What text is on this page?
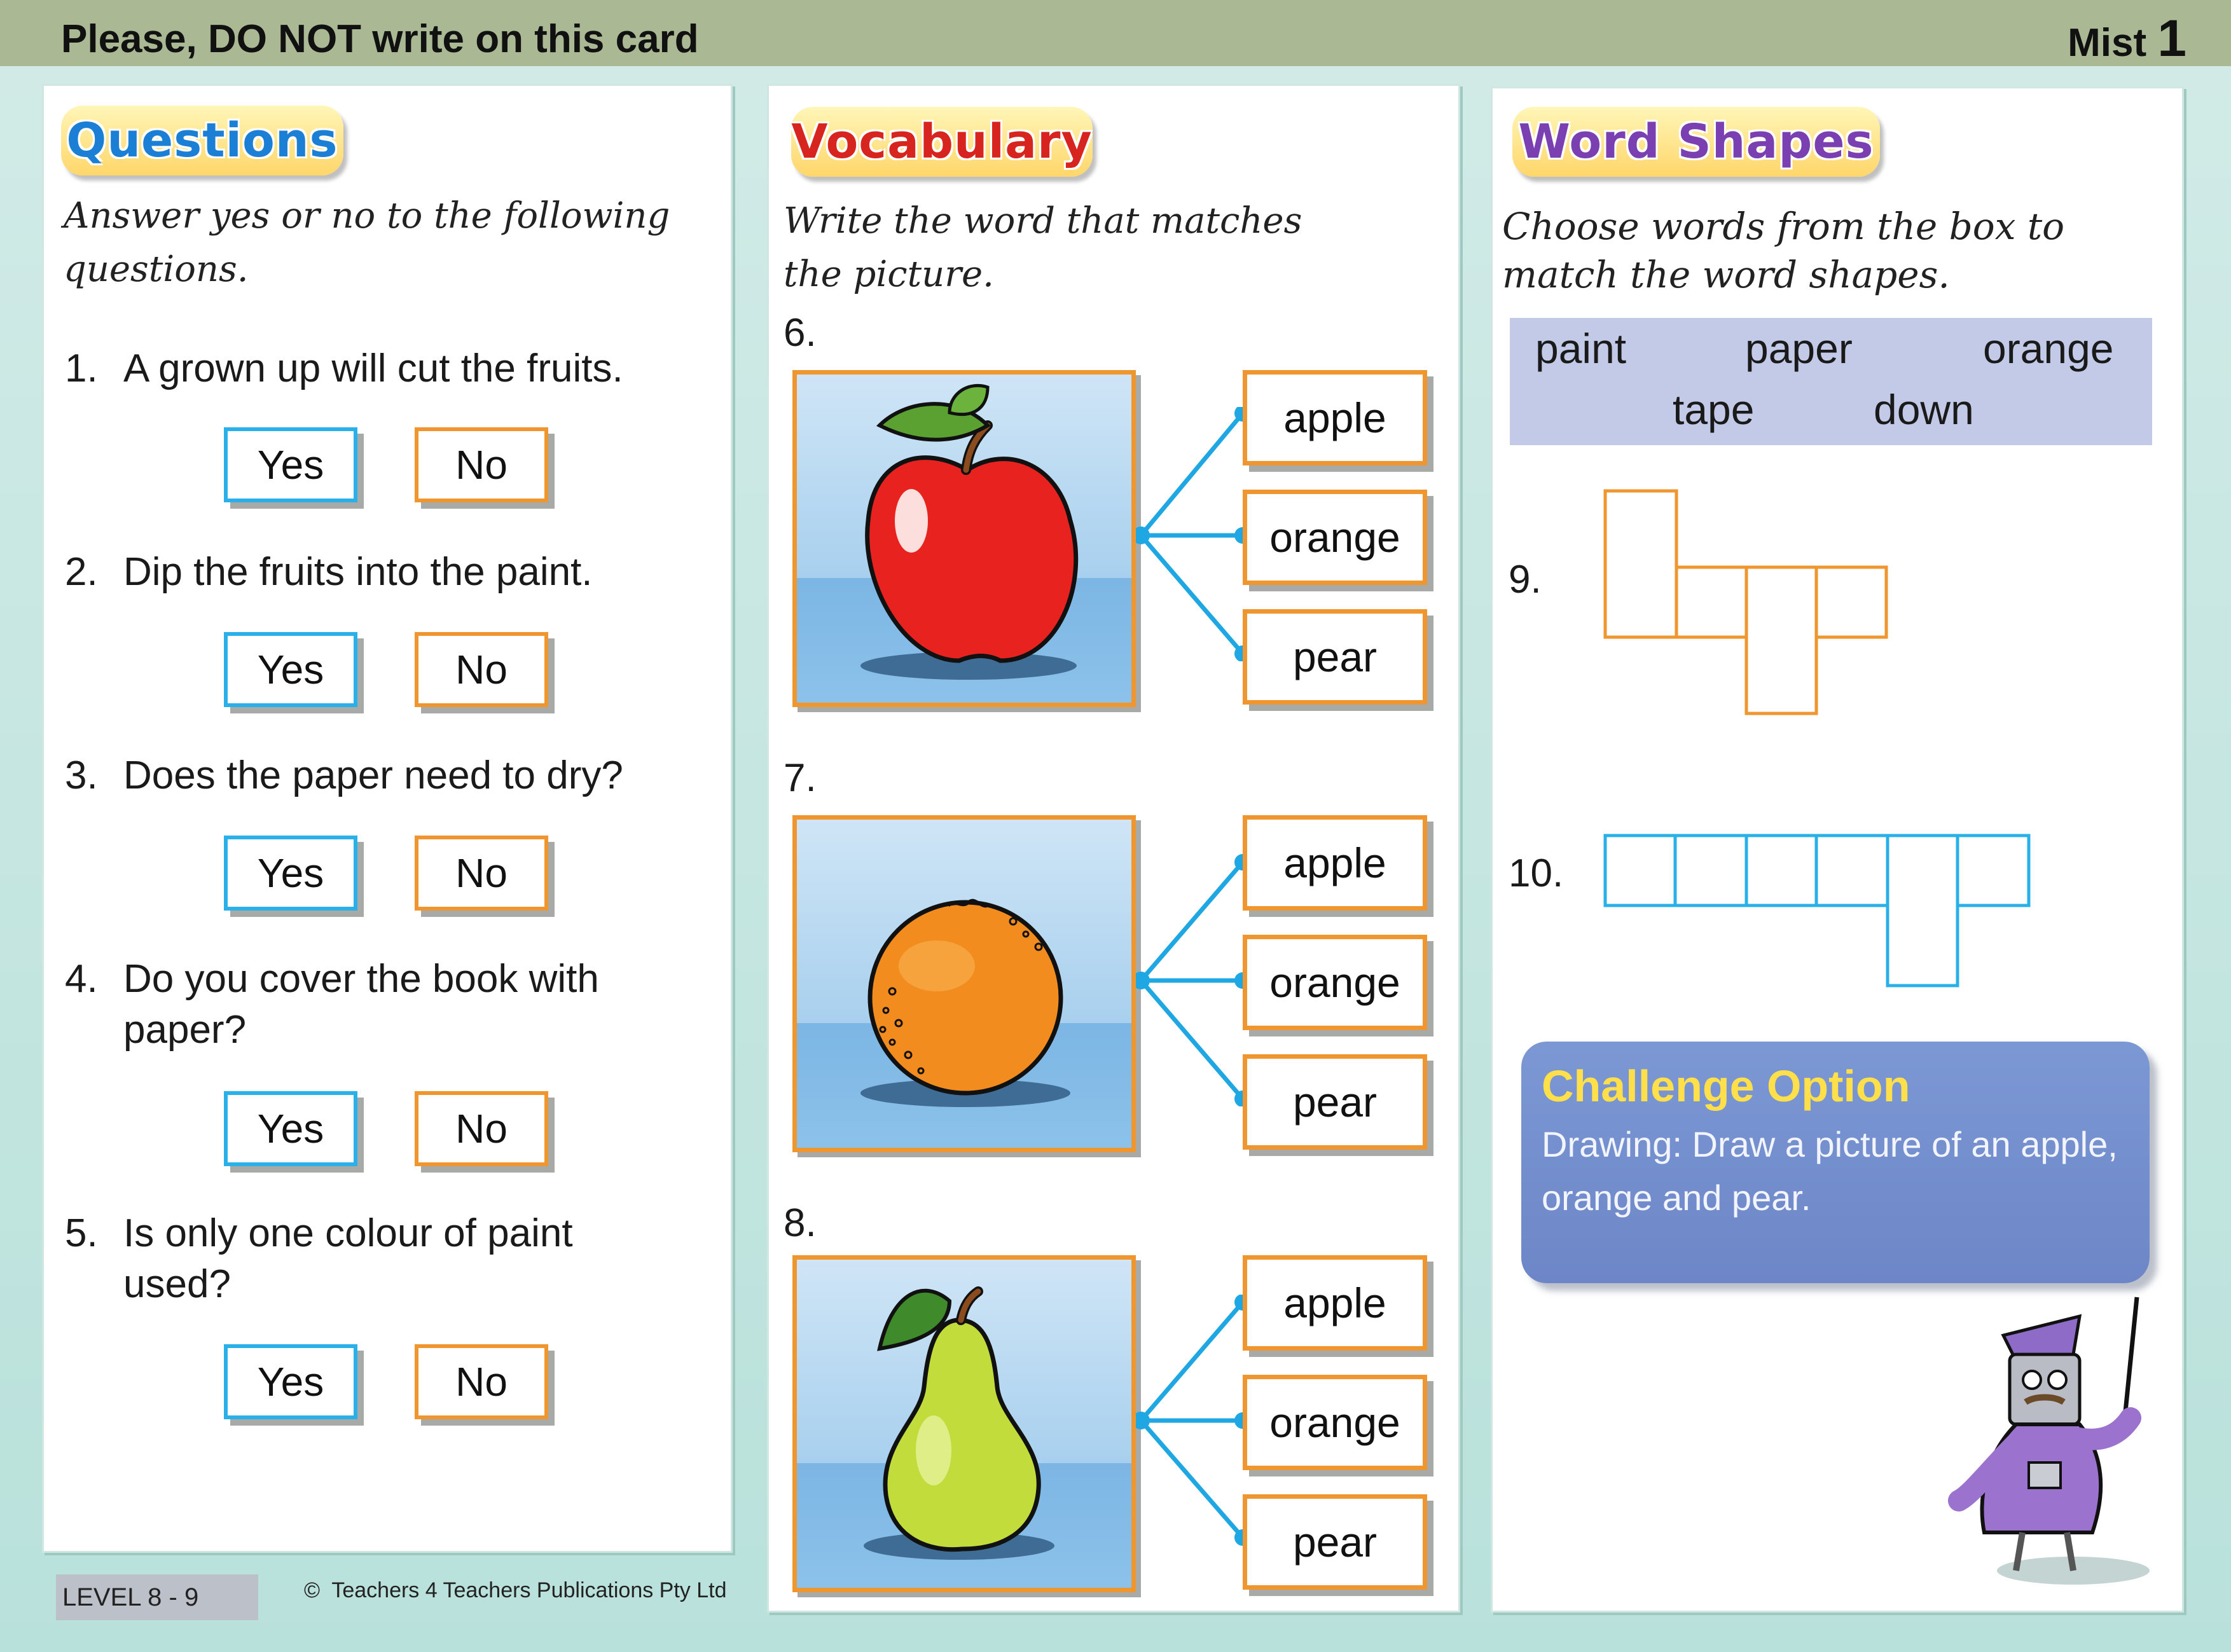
Please, DO NOT write on this card	Mist 1
Questions
Answer yes or no to the following questions.
1. A grown up will cut the fruits.
Yes	No
2. Dip the fruits into the paint.
Yes	No
3. Does the paper need to dry?
Yes	No
4. Do you cover the book with paper?
Yes	No
5. Is only one colour of paint used?
Yes	No
Vocabulary
Write the word that matches the picture.
6.
apple
orange
pear
7.
apple
orange
pear
8.
apple
orange
pear
Word Shapes
Choose words from the box to match the word shapes.
paint	paper	orange
tape	down
9.
10.
Challenge Option
Drawing: Draw a picture of an apple, orange and pear.
LEVEL 8 - 9	© Teachers 4 Teachers Publications Pty Ltd
